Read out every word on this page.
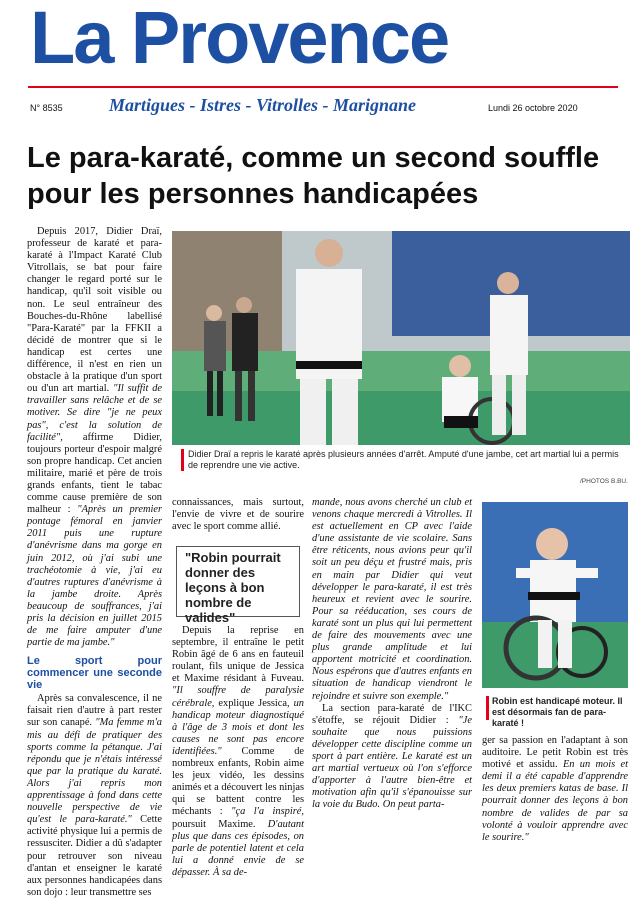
La Provence
N° 8535	Martigues - Istres - Vitrolles - Marignane	Lundi 26 octobre 2020
Le para-karaté, comme un second souffle pour les personnes handicapées

Depuis 2017, Didier Draï, professeur de karaté et para-karaté à l'Impact Karaté Club Vitrollais, se bat pour faire changer le regard porté sur le handicap, qu'il soit visible ou non. Le seul entraîneur des Bouches-du-Rhône labellisé "Para-Karaté" par la FFKII a décidé de montrer que si le handicap est certes une différence, il n'est en rien un obstacle à la pratique d'un sport ou d'un art martial. "Il suffit de travailler sans relâche et de se motiver. Se dire "je ne peux pas", c'est la solution de facilité", affirme Didier, toujours porteur d'espoir malgré son propre handicap. Cet ancien militaire, marié et père de trois grands enfants, tient le tabac comme cause première de son malheur : "Après un premier pontage fémoral en janvier 2011 puis une rupture d'anévrisme dans ma gorge en juin 2012, où j'ai subi une trachéotomie à vie, j'ai eu d'autres ruptures d'anévrisme à la jambe droite. Après beaucoup de souffrances, j'ai pris la décision en juillet 2015 de me faire amputer d'une partie de ma jambe."

Le sport pour commencer une seconde vie

Après sa convalescence, il ne faisait rien d'autre à part rester sur son canapé. "Ma femme m'a mis au défi de pratiquer des sports comme la pétanque. J'ai répondu que je n'étais intéressé que par la pratique du karaté. Alors j'ai repris mon apprentissage à fond dans cette nouvelle perspective de vie qu'est le para-karaté." Cette activité physique lui a permis de ressusciter. Didier a dû s'adapter pour retrouver son niveau d'antan et enseigner le karaté aux personnes handicapées dans son dojo : leur transmettre ses

Didier Draï a repris le karaté après plusieurs années d'arrêt. Amputé d'une jambe, cet art martial lui a permis de reprendre une vie active.
/PHOTOS B.BU.

connaissances, mais surtout, l'envie de vivre et de sourire avec le sport comme allié.

"Robin pourrait donner des leçons à bon nombre de valides"

Depuis la reprise en septembre, il entraîne le petit Robin âgé de 6 ans en fauteuil roulant, fils unique de Jessica et Maxime résidant à Fuveau. "Il souffre de paralysie cérébrale, explique Jessica, un handicap moteur diagnostiqué à l'âge de 3 mois et dont les causes ne sont pas encore identifiées." Comme de nombreux enfants, Robin aime les jeux vidéo, les dessins animés et a découvert les ninjas qui se battent contre les méchants : "ça l'a inspiré, poursuit Maxime. D'autant plus que dans ces épisodes, on parle de potentiel latent et cela lui a donné envie de se dépasser. À sa de-

mande, nous avons cherché un club et venons chaque mercredi à Vitrolles. Il est actuellement en CP avec l'aide d'une assistante de vie scolaire. Sans être réticents, nous avions peur qu'il soit un peu déçu et frustré mais, pris en main par Didier qui veut développer le para-karaté, il est très heureux et revient avec le sourire. Pour sa rééducation, ses cours de karaté sont un plus qui lui permettent de faire des mouvements avec une plus grande amplitude et lui apportent motricité et coordination. Nous espérons que d'autres enfants en situation de handicap viendront le rejoindre et suivre son exemple."

La section para-karaté de l'IKC s'étoffe, se réjouit Didier : "Je souhaite que nous puissions développer cette discipline comme un sport à part entière. Le karaté est un art martial vertueux où l'on s'efforce d'apporter à l'autre bien-être et motivation afin qu'il s'épanouisse sur la voie du Budo. On peut parta-

Robin est handicapé moteur. Il est désormais fan de para-karaté !

ger sa passion en l'adaptant à son auditoire. Le petit Robin est très motivé et assidu. En un mois et demi il a été capable d'apprendre les deux premiers katas de base. Il pourrait donner des leçons à bon nombre de valides de par sa volonté à vouloir apprendre avec le sourire."
